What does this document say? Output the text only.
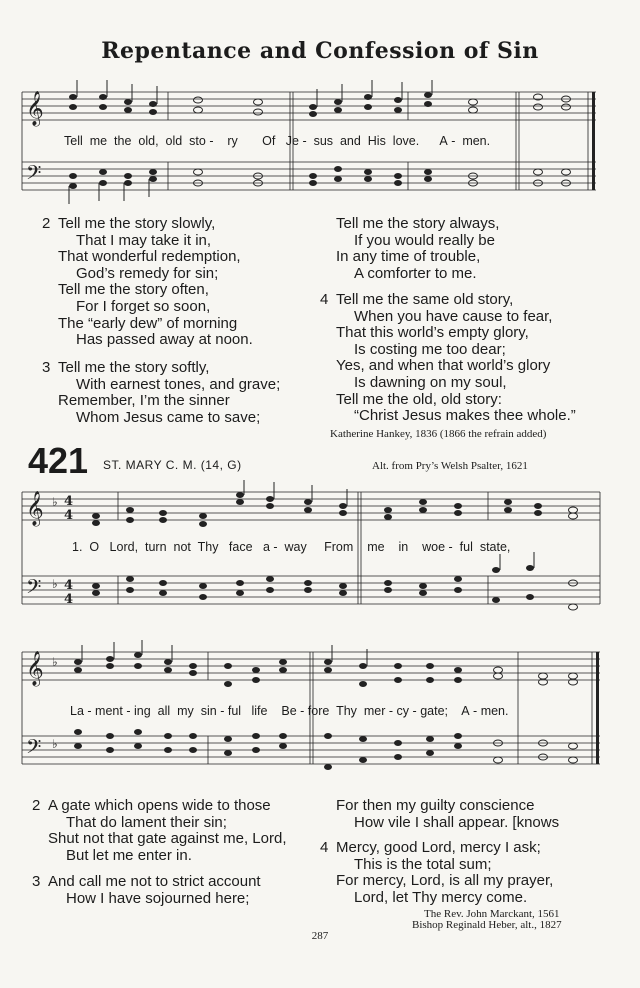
Repentance and Confession of Sin
𝄞
𝄢
Tell me the old, old sto - ry Of Je - sus and His love. A - men.
2 Tell me the story slowly,
That I may take it in,
That wonderful redemption,
God’s remedy for sin;
Tell me the story often,
For I forget so soon,
The “early dew” of morning
Has passed away at noon.
3 Tell me the story softly,
With earnest tones, and grave;
Remember, I’m the sinner
Whom Jesus came to save;
Tell me the story always,
If you would really be
In any time of trouble,
A comforter to me.
4 Tell me the same old story,
When you have cause to fear,
That this world’s empty glory,
Is costing me too dear;
Yes, and when that world’s glory
Is dawning on my soul,
Tell me the old, old story:
“Christ Jesus makes thee whole.”
Katherine Hankey, 1836 (1866 the refrain added)
421 ST. MARY C. M. (14, G)	Alt. from Pry’s Welsh Psalter, 1621
𝄞
𝄢
♭
♭
4
4
4
4
1. O Lord, turn not Thy face a - way From me in woe - ful state,
𝄞
𝄢
♭
♭
La - ment - ing all my sin - ful life Be - fore Thy mer - cy - gate; A - men.
2 A gate which opens wide to those
That do lament their sin;
Shut not that gate against me, Lord,
But let me enter in.
3 And call me not to strict account
How I have sojourned here;
For then my guilty conscience
How vile I shall appear. [knows
4 Mercy, good Lord, mercy I ask;
This is the total sum;
For mercy, Lord, is all my prayer,
Lord, let Thy mercy come.
The Rev. John Marckant, 1561
Bishop Reginald Heber, alt., 1827
287
